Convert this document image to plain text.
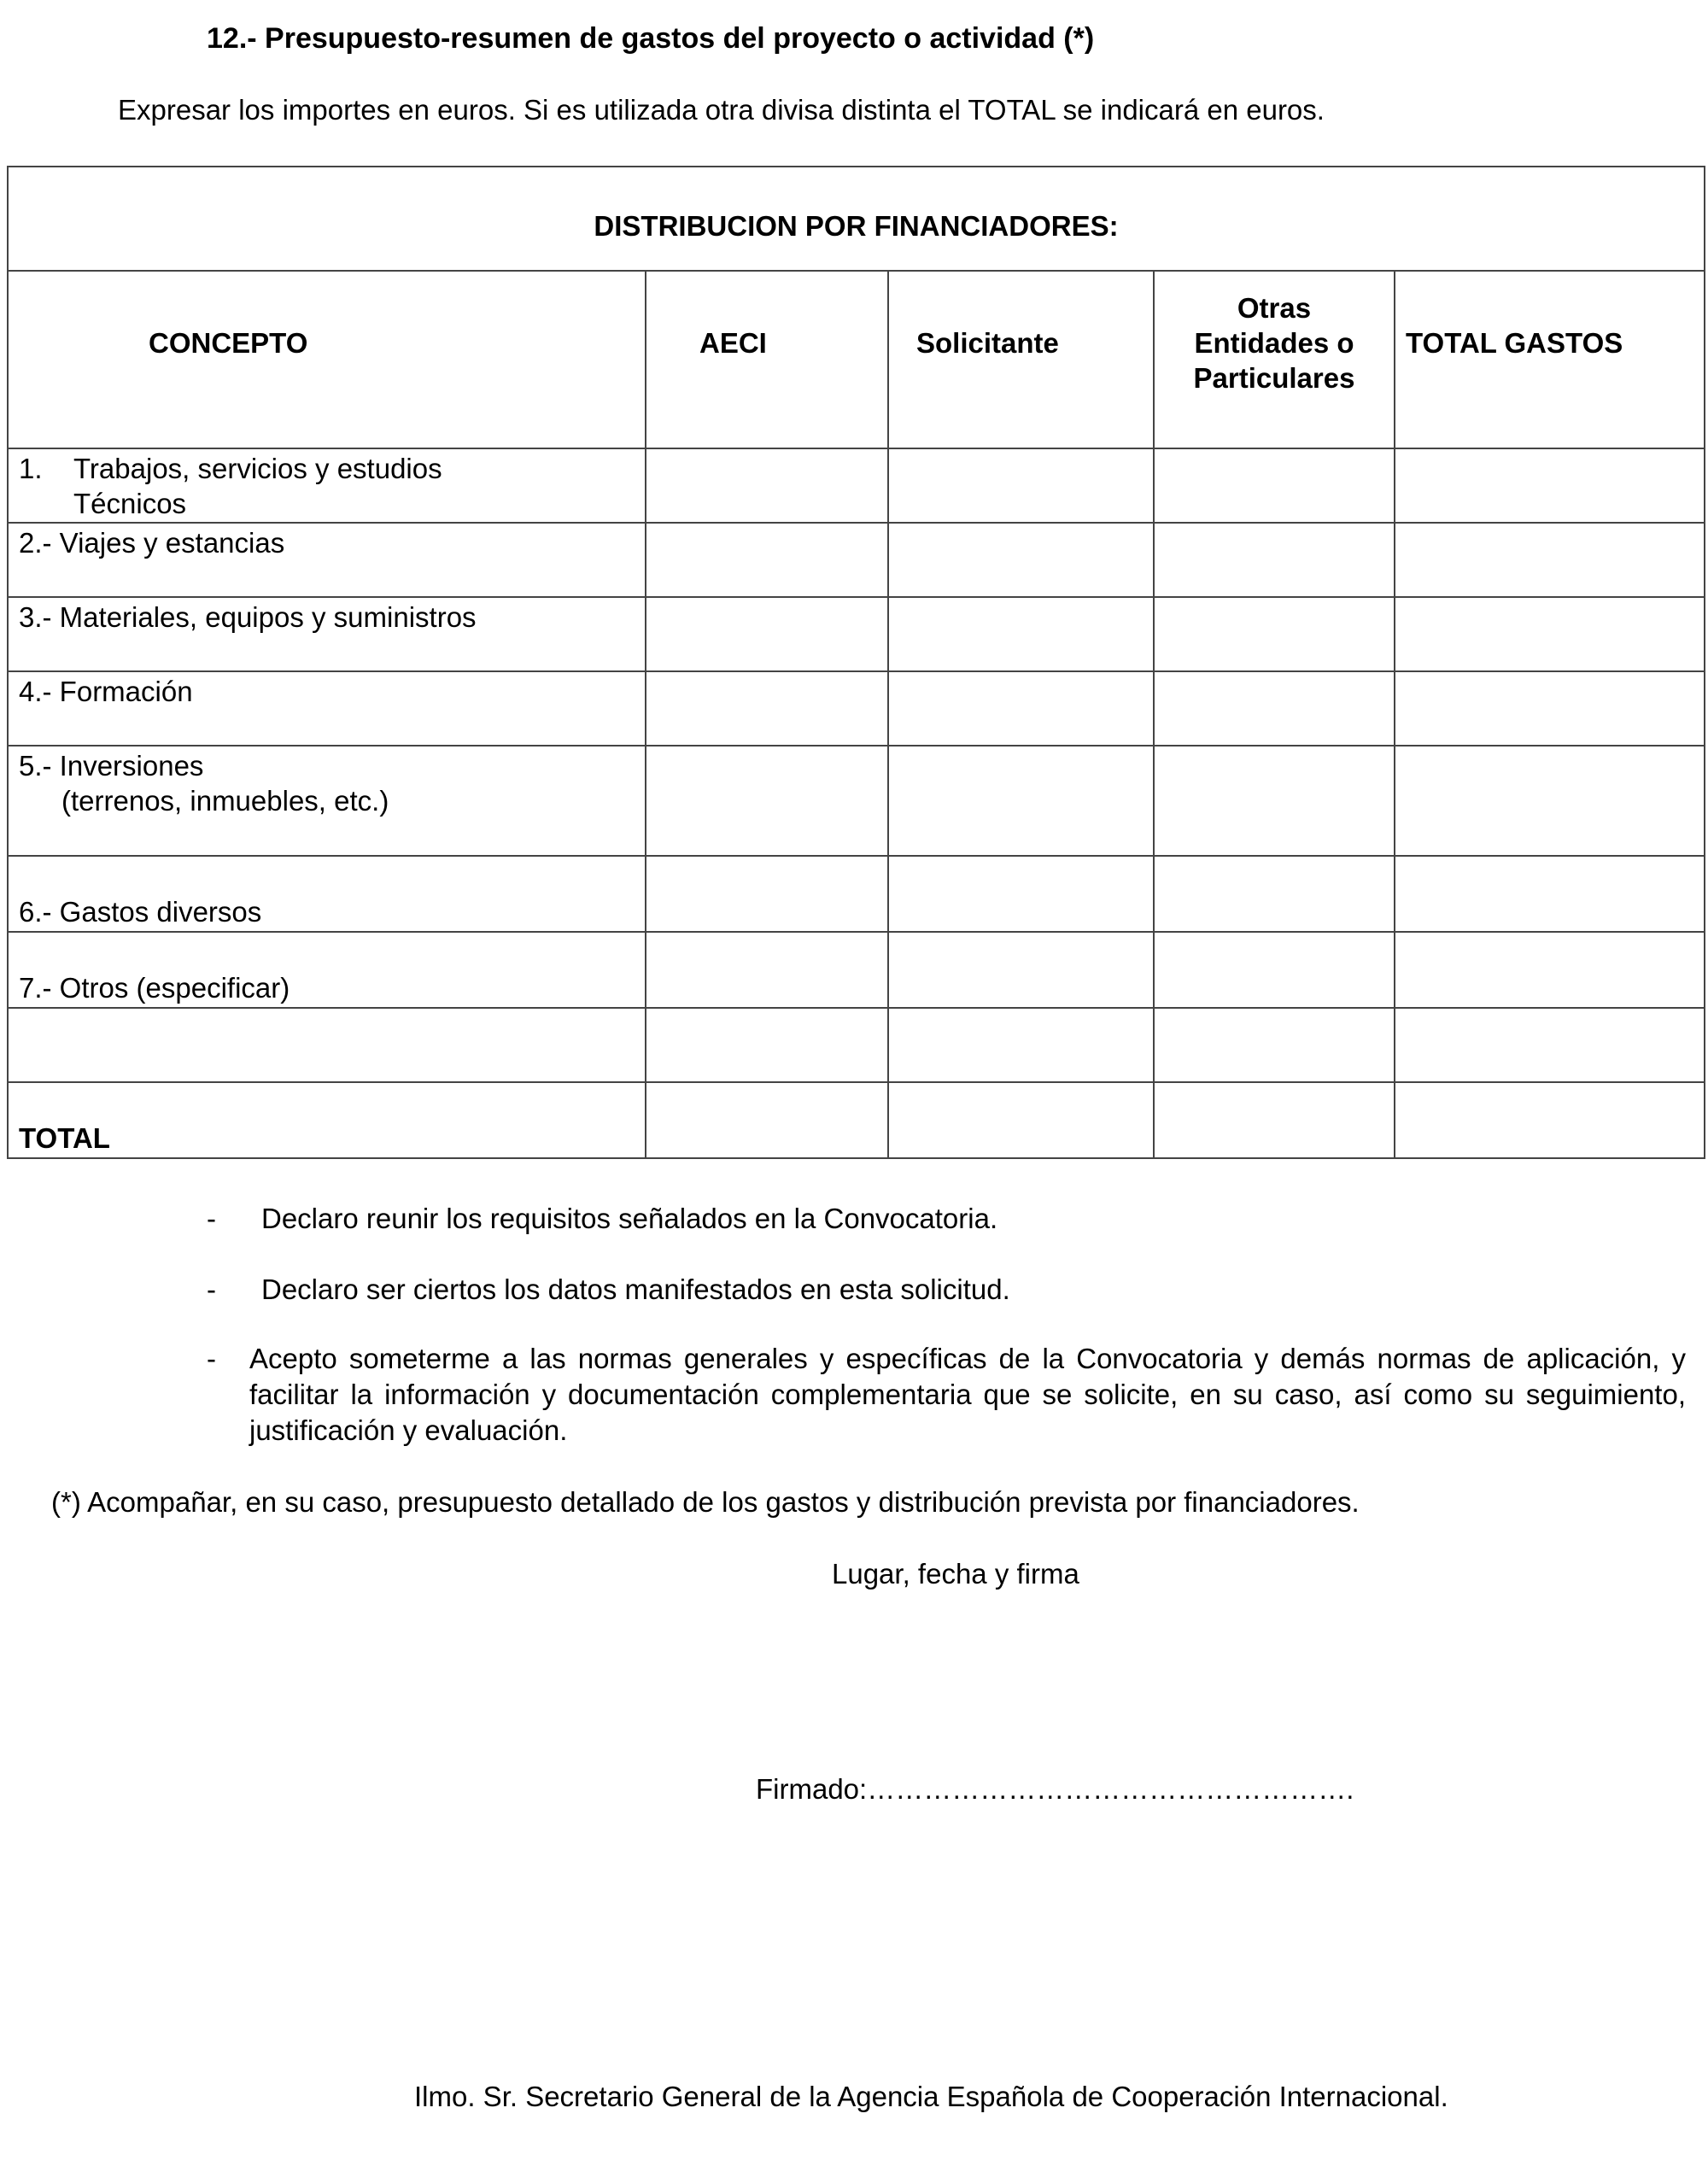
12.- Presupuesto-resumen de gastos del proyecto o actividad (*)
Expresar los importes en euros. Si es utilizada otra divisa distinta el TOTAL se indicará en euros.
DISTRIBUCION POR FINANCIADORES:				
CONCEPTO	AECI	Solicitante	Otras
Entidades o
Particulares	TOTAL GASTOS

1. Trabajos, servicios y estudios
Técnicos				

2.- Viajes y estancias				

3.- Materiales, equipos y suministros				

4.- Formación				

5.- Inversiones
(terrenos, inmuebles, etc.)				

6.- Gastos diversos				

7.- Otros (especificar)				

TOTAL				

- Declaro reunir los requisitos señalados en la Convocatoria.
- Declaro ser ciertos los datos manifestados en esta solicitud.
- Acepto someterme a las normas generales y específicas de la Convocatoria y demás normas de aplicación, y facilitar la información y documentación complementaria que se solicite, en su caso, así como su seguimiento, justificación y evaluación.
(*) Acompañar, en su caso, presupuesto detallado de los gastos y distribución prevista por financiadores.
Lugar, fecha y firma
Firmado:…………………………………………….
Ilmo. Sr. Secretario General de la Agencia Española de Cooperación Internacional.
